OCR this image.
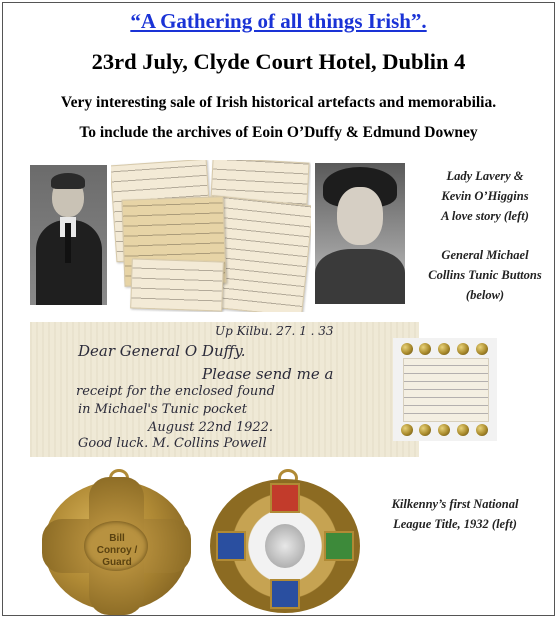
“A Gathering of all things Irish”.
23rd July, Clyde Court Hotel, Dublin 4
Very interesting sale of Irish historical artefacts and memorabilia.
To include the archives of Eoin O’Duffy & Edmund Downey
Lady Lavery &
Kevin O’Higgins
A love story (left)
General Michael
Collins Tunic Buttons
(below)
Up Kilbu. 27. 1 . 33
Dear General O Duffy.
Please send me a
receipt for the enclosed found
in Michael's Tunic pocket
August 22nd 1922.
Good luck. M. Collins Powell
Bill Conroy / Guard
Kilkenny’s first National
League Title, 1932 (left)
